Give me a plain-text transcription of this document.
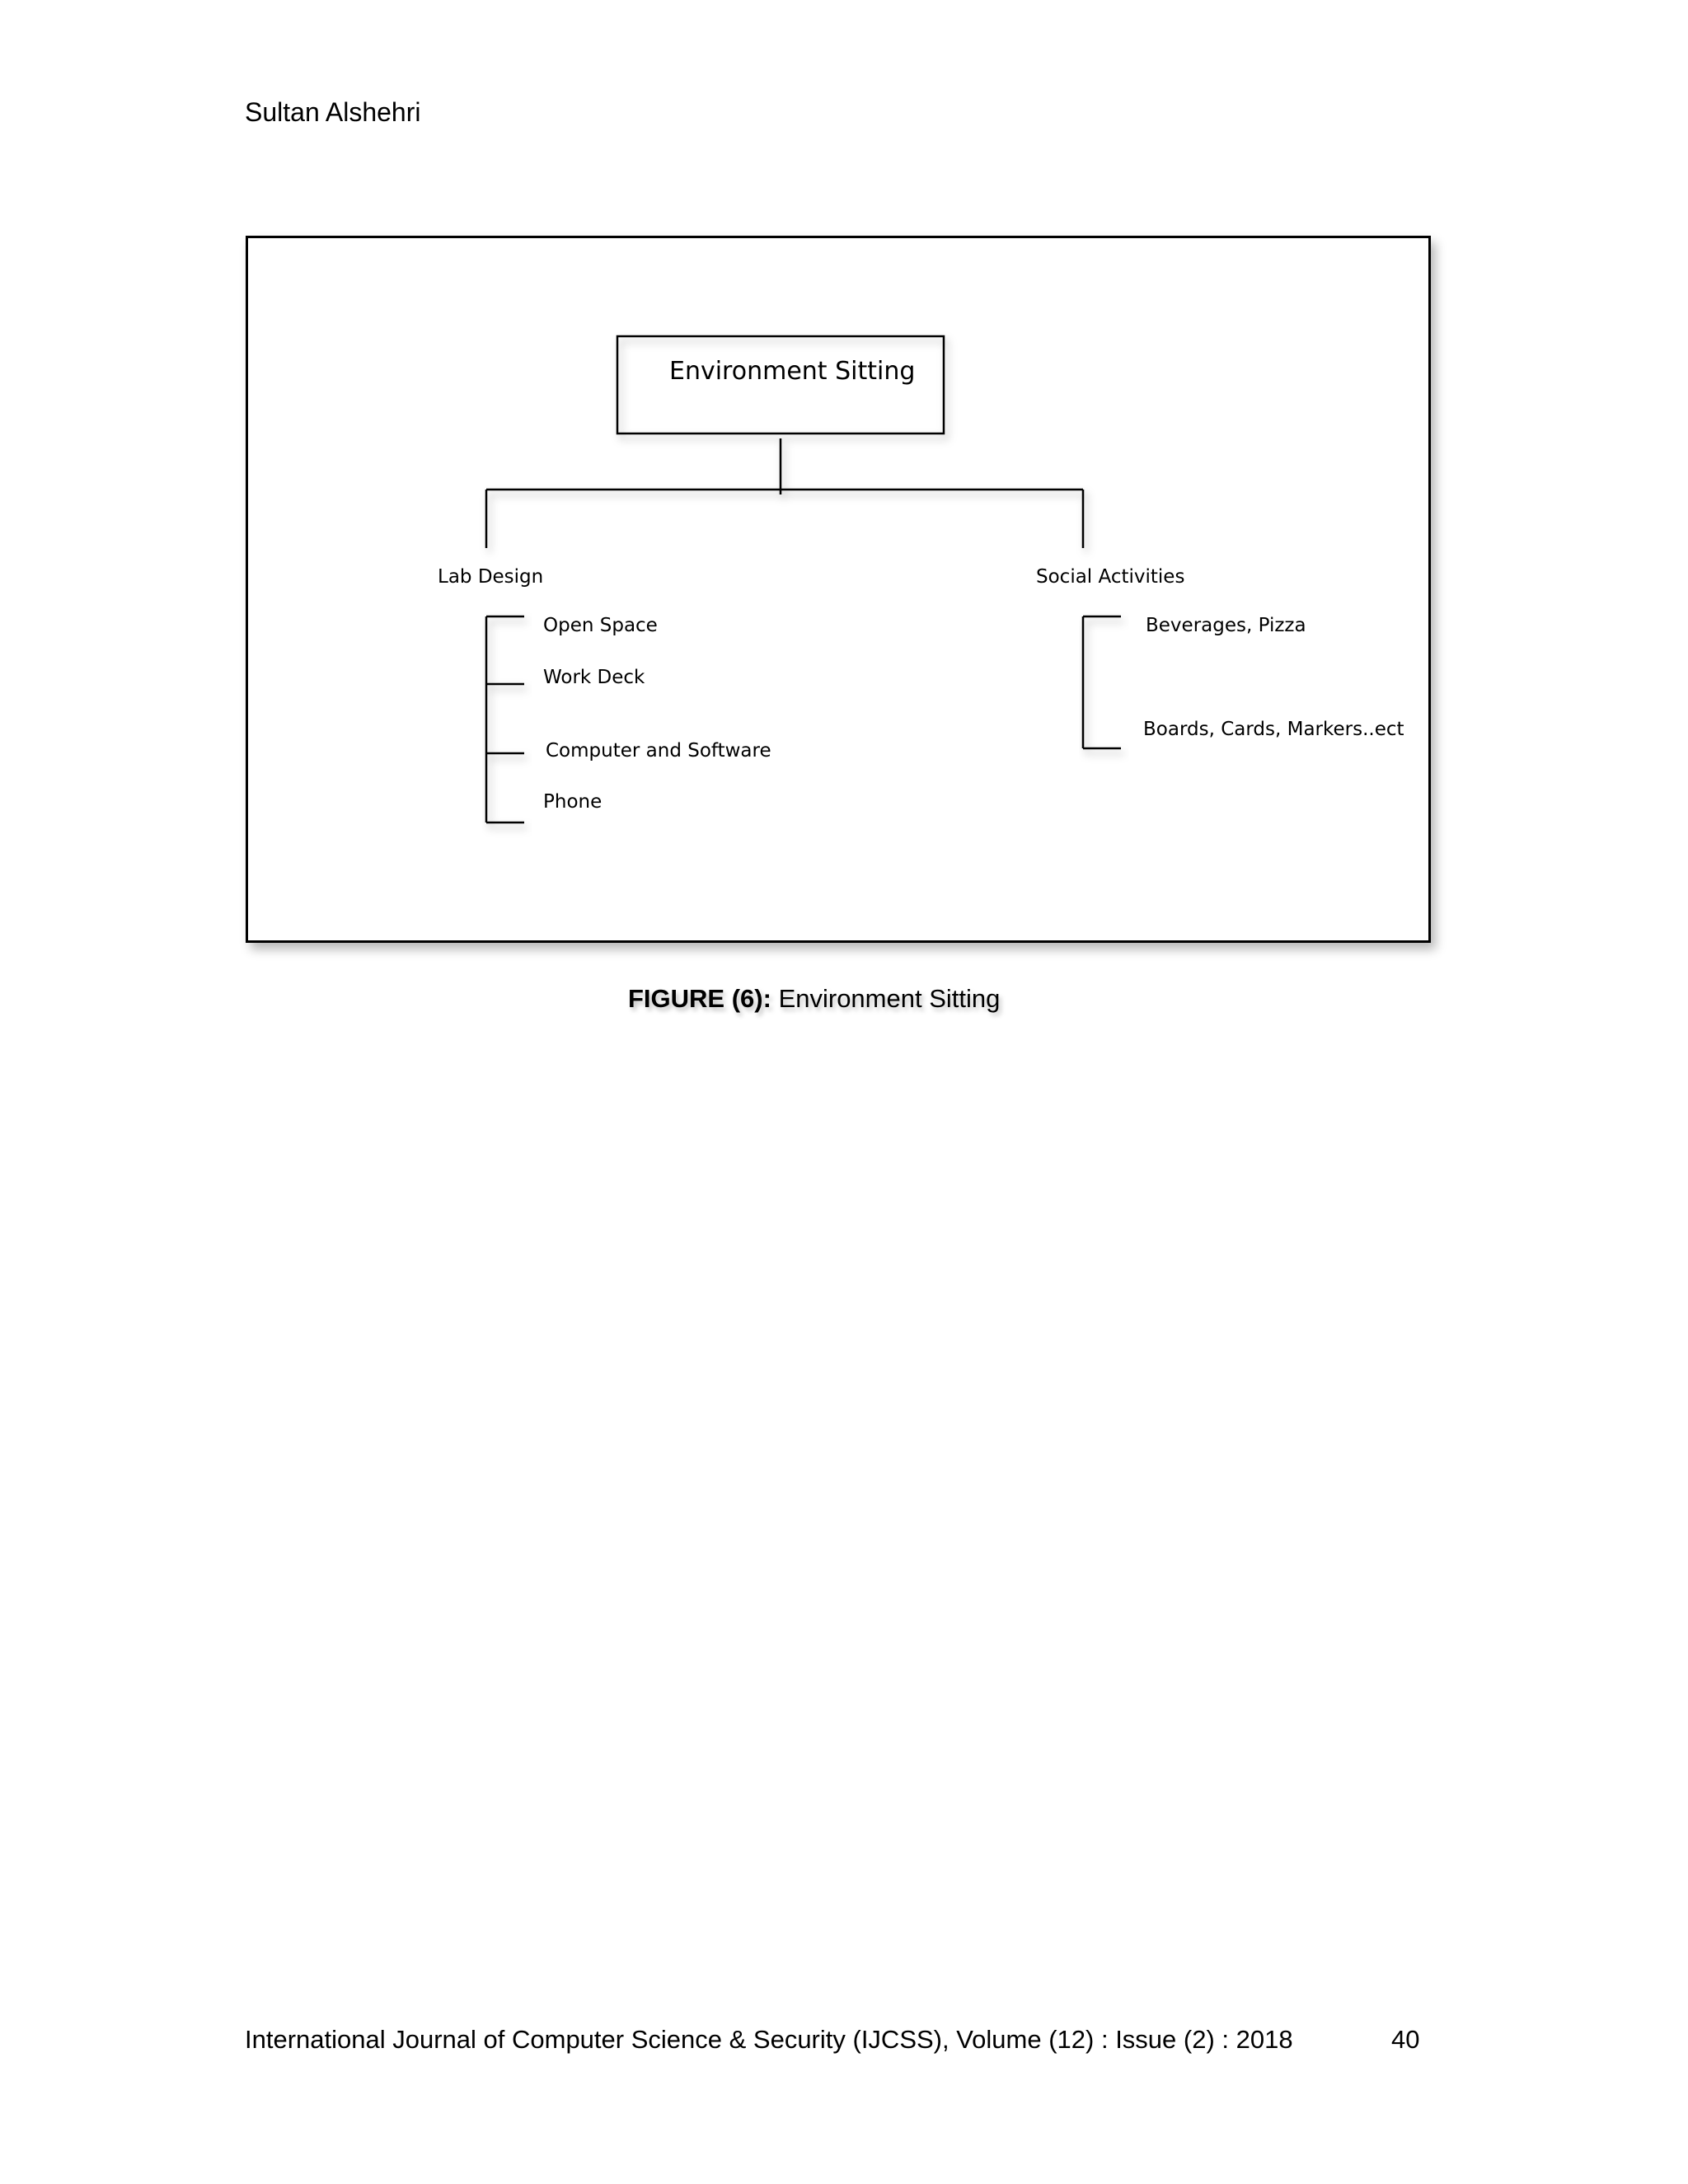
Sultan Alshehri
Environment Sitting
Lab Design
Open Space
Work Deck
Computer and Software
Phone
Social Activities
Beverages, Pizza
Boards, Cards, Markers..ect
FIGURE (6): Environment Sitting
International Journal of Computer Science & Security (IJCSS), Volume (12) : Issue (2) : 2018	40
